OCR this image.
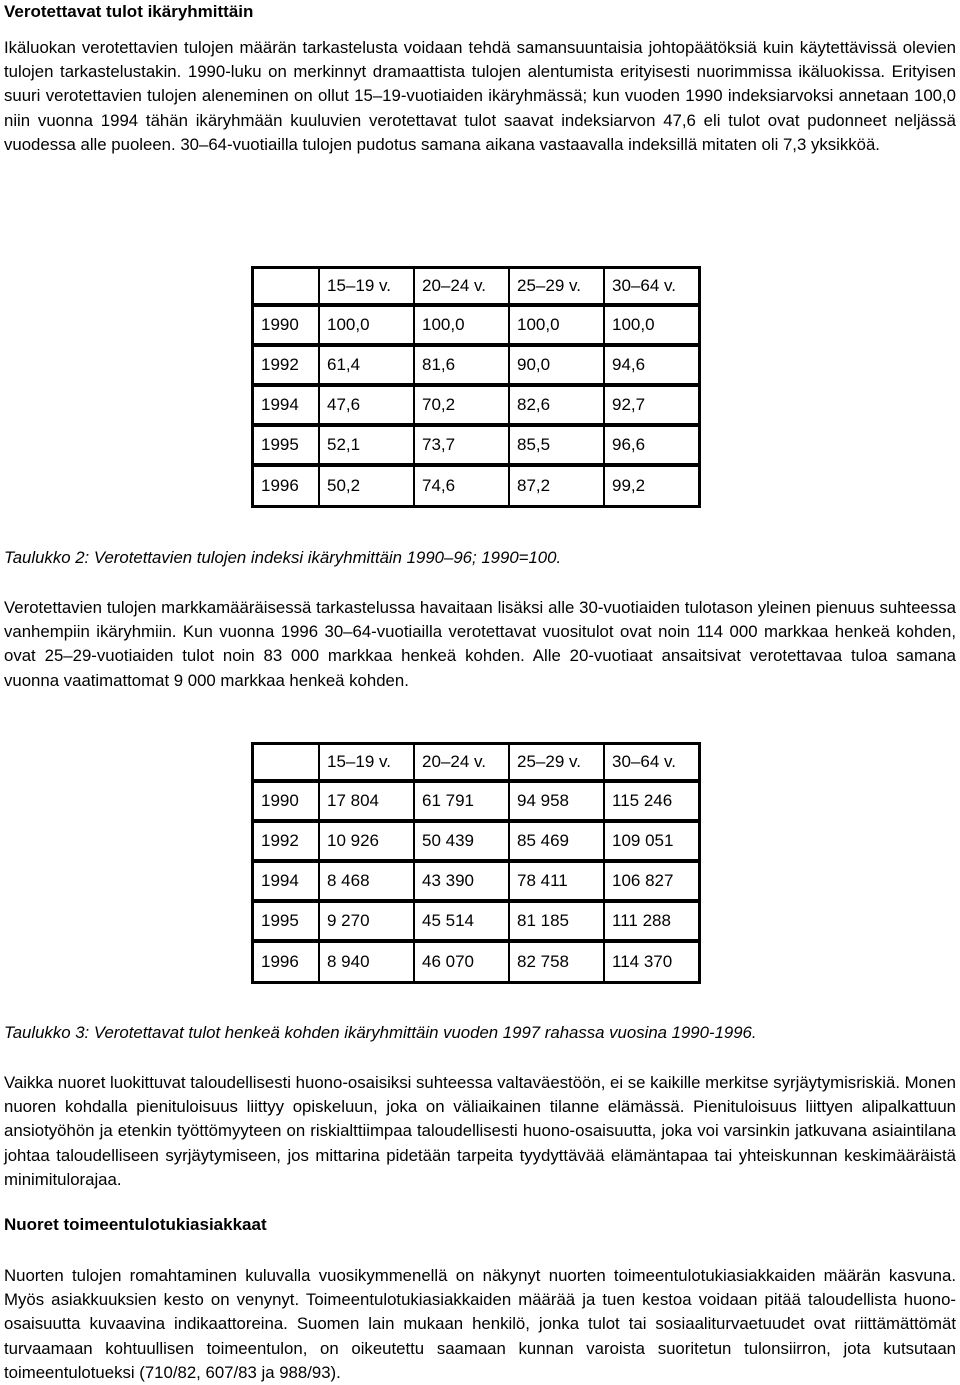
Verotettavat tulot ikäryhmittäin

Ikäluokan verotettavien tulojen määrän tarkastelusta voidaan tehdä samansuuntaisia johtopäätöksiä kuin käytettävissä olevien tulojen tarkastelustakin. 1990-luku on merkinnyt dramaattista tulojen alentumista erityisesti nuorimmissa ikäluokissa. Erityisen suuri verotettavien tulojen aleneminen on ollut 15–19-vuotiaiden ikäryhmässä; kun vuoden 1990 indeksiarvoksi annetaan 100,0 niin vuonna 1994 tähän ikäryhmään kuuluvien verotettavat tulot saavat indeksiarvon 47,6 eli tulot ovat pudonneet neljässä vuodessa alle puoleen. 30–64-vuotiailla tulojen pudotus samana aikana vastaavalla indeksillä mitaten oli 7,3 yksikköä.

	15–19 v.	20–24 v.	25–29 v.	30–64 v.
1990	100,0	100,0	100,0	100,0
1992	61,4	81,6	90,0	94,6
1994	47,6	70,2	82,6	92,7
1995	52,1	73,7	85,5	96,6
1996	50,2	74,6	87,2	99,2

Taulukko 2: Verotettavien tulojen indeksi ikäryhmittäin 1990–96; 1990=100.

Verotettavien tulojen markkamääräisessä tarkastelussa havaitaan lisäksi alle 30-vuotiaiden tulotason yleinen pienuus suhteessa vanhempiin ikäryhmiin. Kun vuonna 1996 30–64-vuotiailla verotettavat vuositulot ovat noin 114 000 markkaa henkeä kohden, ovat 25–29-vuotiaiden tulot noin 83 000 markkaa henkeä kohden. Alle 20-vuotiaat ansaitsivat verotettavaa tuloa samana vuonna vaatimattomat 9 000 markkaa henkeä kohden.

	15–19 v.	20–24 v.	25–29 v.	30–64 v.
1990	17 804	61 791	94 958	115 246
1992	10 926	50 439	85 469	109 051
1994	8 468	43 390	78 411	106 827
1995	9 270	45 514	81 185	111 288
1996	8 940	46 070	82 758	114 370

Taulukko 3: Verotettavat tulot henkeä kohden ikäryhmittäin vuoden 1997 rahassa vuosina 1990-1996.

Vaikka nuoret luokittuvat taloudellisesti huono-osaisiksi suhteessa valtaväestöön, ei se kaikille merkitse syrjäytymisriskiä. Monen nuoren kohdalla pienituloisuus liittyy opiskeluun, joka on väliaikainen tilanne elämässä. Pienituloisuus liittyen alipalkattuun ansiotyöhön ja etenkin työttömyyteen on riskialttiimpaa taloudellisesti huono-osaisuutta, joka voi varsinkin jatkuvana asiaintilana johtaa taloudelliseen syrjäytymiseen, jos mittarina pidetään tarpeita tyydyttävää elämäntapaa tai yhteiskunnan keskimääräistä minimitulorajaa.

Nuoret toimeentulotukiasiakkaat

Nuorten tulojen romahtaminen kuluvalla vuosikymmenellä on näkynyt nuorten toimeentulotukiasiakkaiden määrän kasvuna. Myös asiakkuuksien kesto on venynyt. Toimeentulotukiasiakkaiden määrää ja tuen kestoa voidaan pitää taloudellista huono-osaisuutta kuvaavina indikaattoreina. Suomen lain mukaan henkilö, jonka tulot tai sosiaaliturvaetuudet ovat riittämättömät turvaamaan kohtuullisen toimeentulon, on oikeutettu saamaan kunnan varoista suoritetun tulonsiirron, jota kutsutaan toimeentulotueksi (710/82, 607/83 ja 988/93).
